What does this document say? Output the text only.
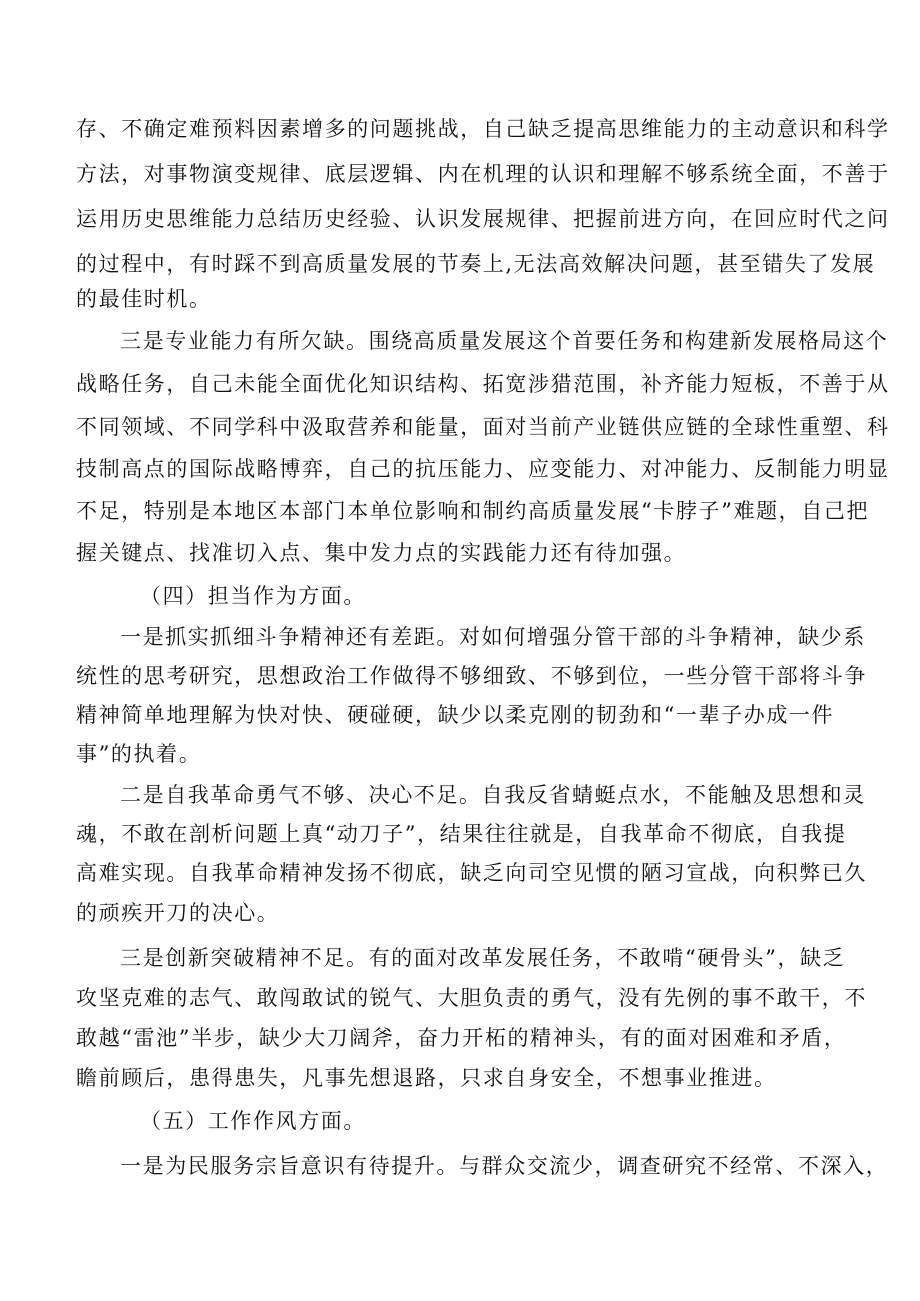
存、不确定难预料因素增多的问题挑战，自己缺乏提高思维能力的主动意识和科学
方法，对事物演变规律、底层逻辑、内在机理的认识和理解不够系统全面，不善于
运用历史思维能力总结历史经验、认识发展规律、把握前进方向，在回应时代之问
的过程中，有时踩不到高质量发展的节奏上,无法高效解决问题，甚至错失了发展
的最佳时机。
三是专业能力有所欠缺。围绕高质量发展这个首要任务和构建新发展格局这个
战略任务，自己未能全面优化知识结构、拓宽涉猎范围，补齐能力短板，不善于从
不同领域、不同学科中汲取营养和能量，面对当前产业链供应链的全球性重塑、科
技制高点的国际战略博弈，自己的抗压能力、应变能力、对冲能力、反制能力明显
不足，特别是本地区本部门本单位影响和制约高质量发展“卡脖子”难题，自己把
握关键点、找准切入点、集中发力点的实践能力还有待加强。
（四）担当作为方面。
一是抓实抓细斗争精神还有差距。对如何增强分管干部的斗争精神，缺少系
统性的思考研究，思想政治工作做得不够细致、不够到位，一些分管干部将斗争
精神简单地理解为快对快、硬碰硬，缺少以柔克刚的韧劲和“一辈子办成一件
事”的执着。
二是自我革命勇气不够、决心不足。自我反省蜻蜓点水，不能触及思想和灵
魂，不敢在剖析问题上真“动刀子”，结果往往就是，自我革命不彻底，自我提
高难实现。自我革命精神发扬不彻底，缺乏向司空见惯的陋习宣战，向积弊已久
的顽疾开刀的决心。
三是创新突破精神不足。有的面对改革发展任务，不敢啃“硬骨头”，缺乏
攻坚克难的志气、敢闯敢试的锐气、大胆负责的勇气，没有先例的事不敢干，不
敢越“雷池”半步，缺少大刀阔斧，奋力开柘的精神头，有的面对困难和矛盾，
瞻前顾后，患得患失，凡事先想退路，只求自身安全，不想事业推进。
（五）工作作风方面。
一是为民服务宗旨意识有待提升。与群众交流少，调查研究不经常、不深入，
